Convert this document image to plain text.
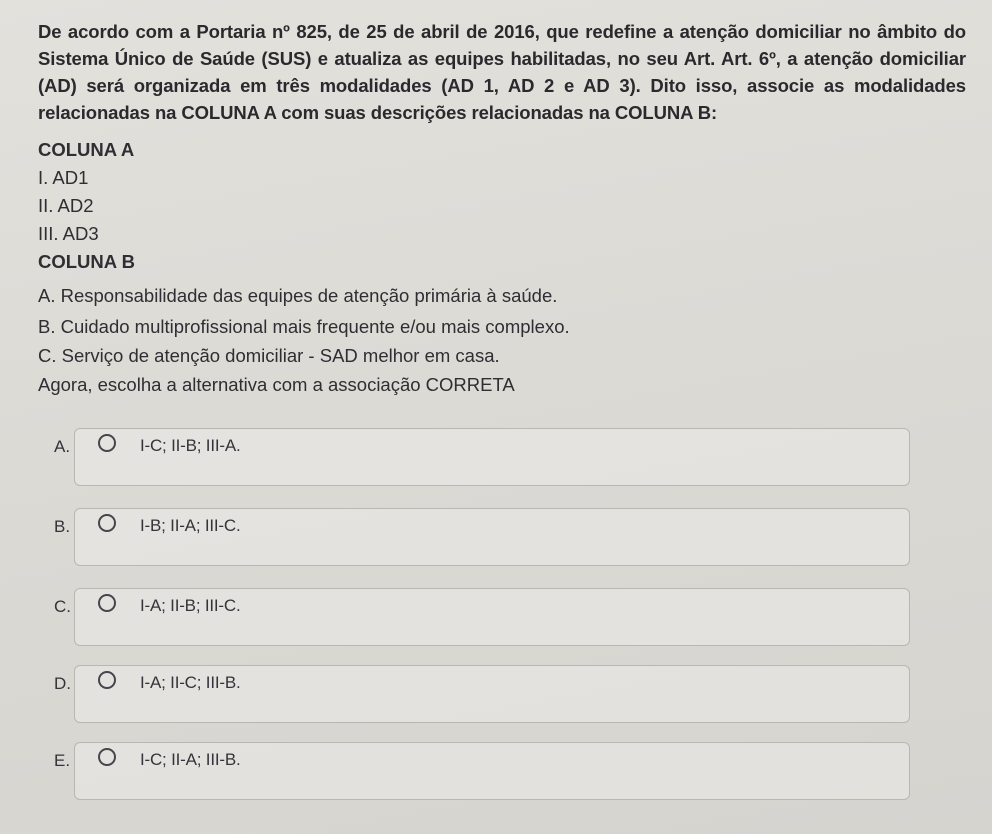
De acordo com a Portaria nº 825, de 25 de abril de 2016, que redefine a atenção domiciliar no âmbito do Sistema Único de Saúde (SUS) e atualiza as equipes habilitadas, no seu Art. Art. 6º, a atenção domiciliar (AD) será organizada em três modalidades (AD 1, AD 2 e AD 3). Dito isso, associe as modalidades relacionadas na COLUNA A com suas descrições relacionadas na COLUNA B:
COLUNA A
I. AD1
II. AD2
III. AD3
COLUNA B
A. Responsabilidade das equipes de atenção primária à saúde.
B. Cuidado multiprofissional mais frequente e/ou mais complexo.
C. Serviço de atenção domiciliar - SAD melhor em casa.
Agora, escolha a alternativa com a associação CORRETA
A.	I-C; II-B; III-A.
B.	I-B; II-A; III-C.
C.	I-A; II-B; III-C.
D.	I-A; II-C; III-B.
E.	I-C; II-A; III-B.
